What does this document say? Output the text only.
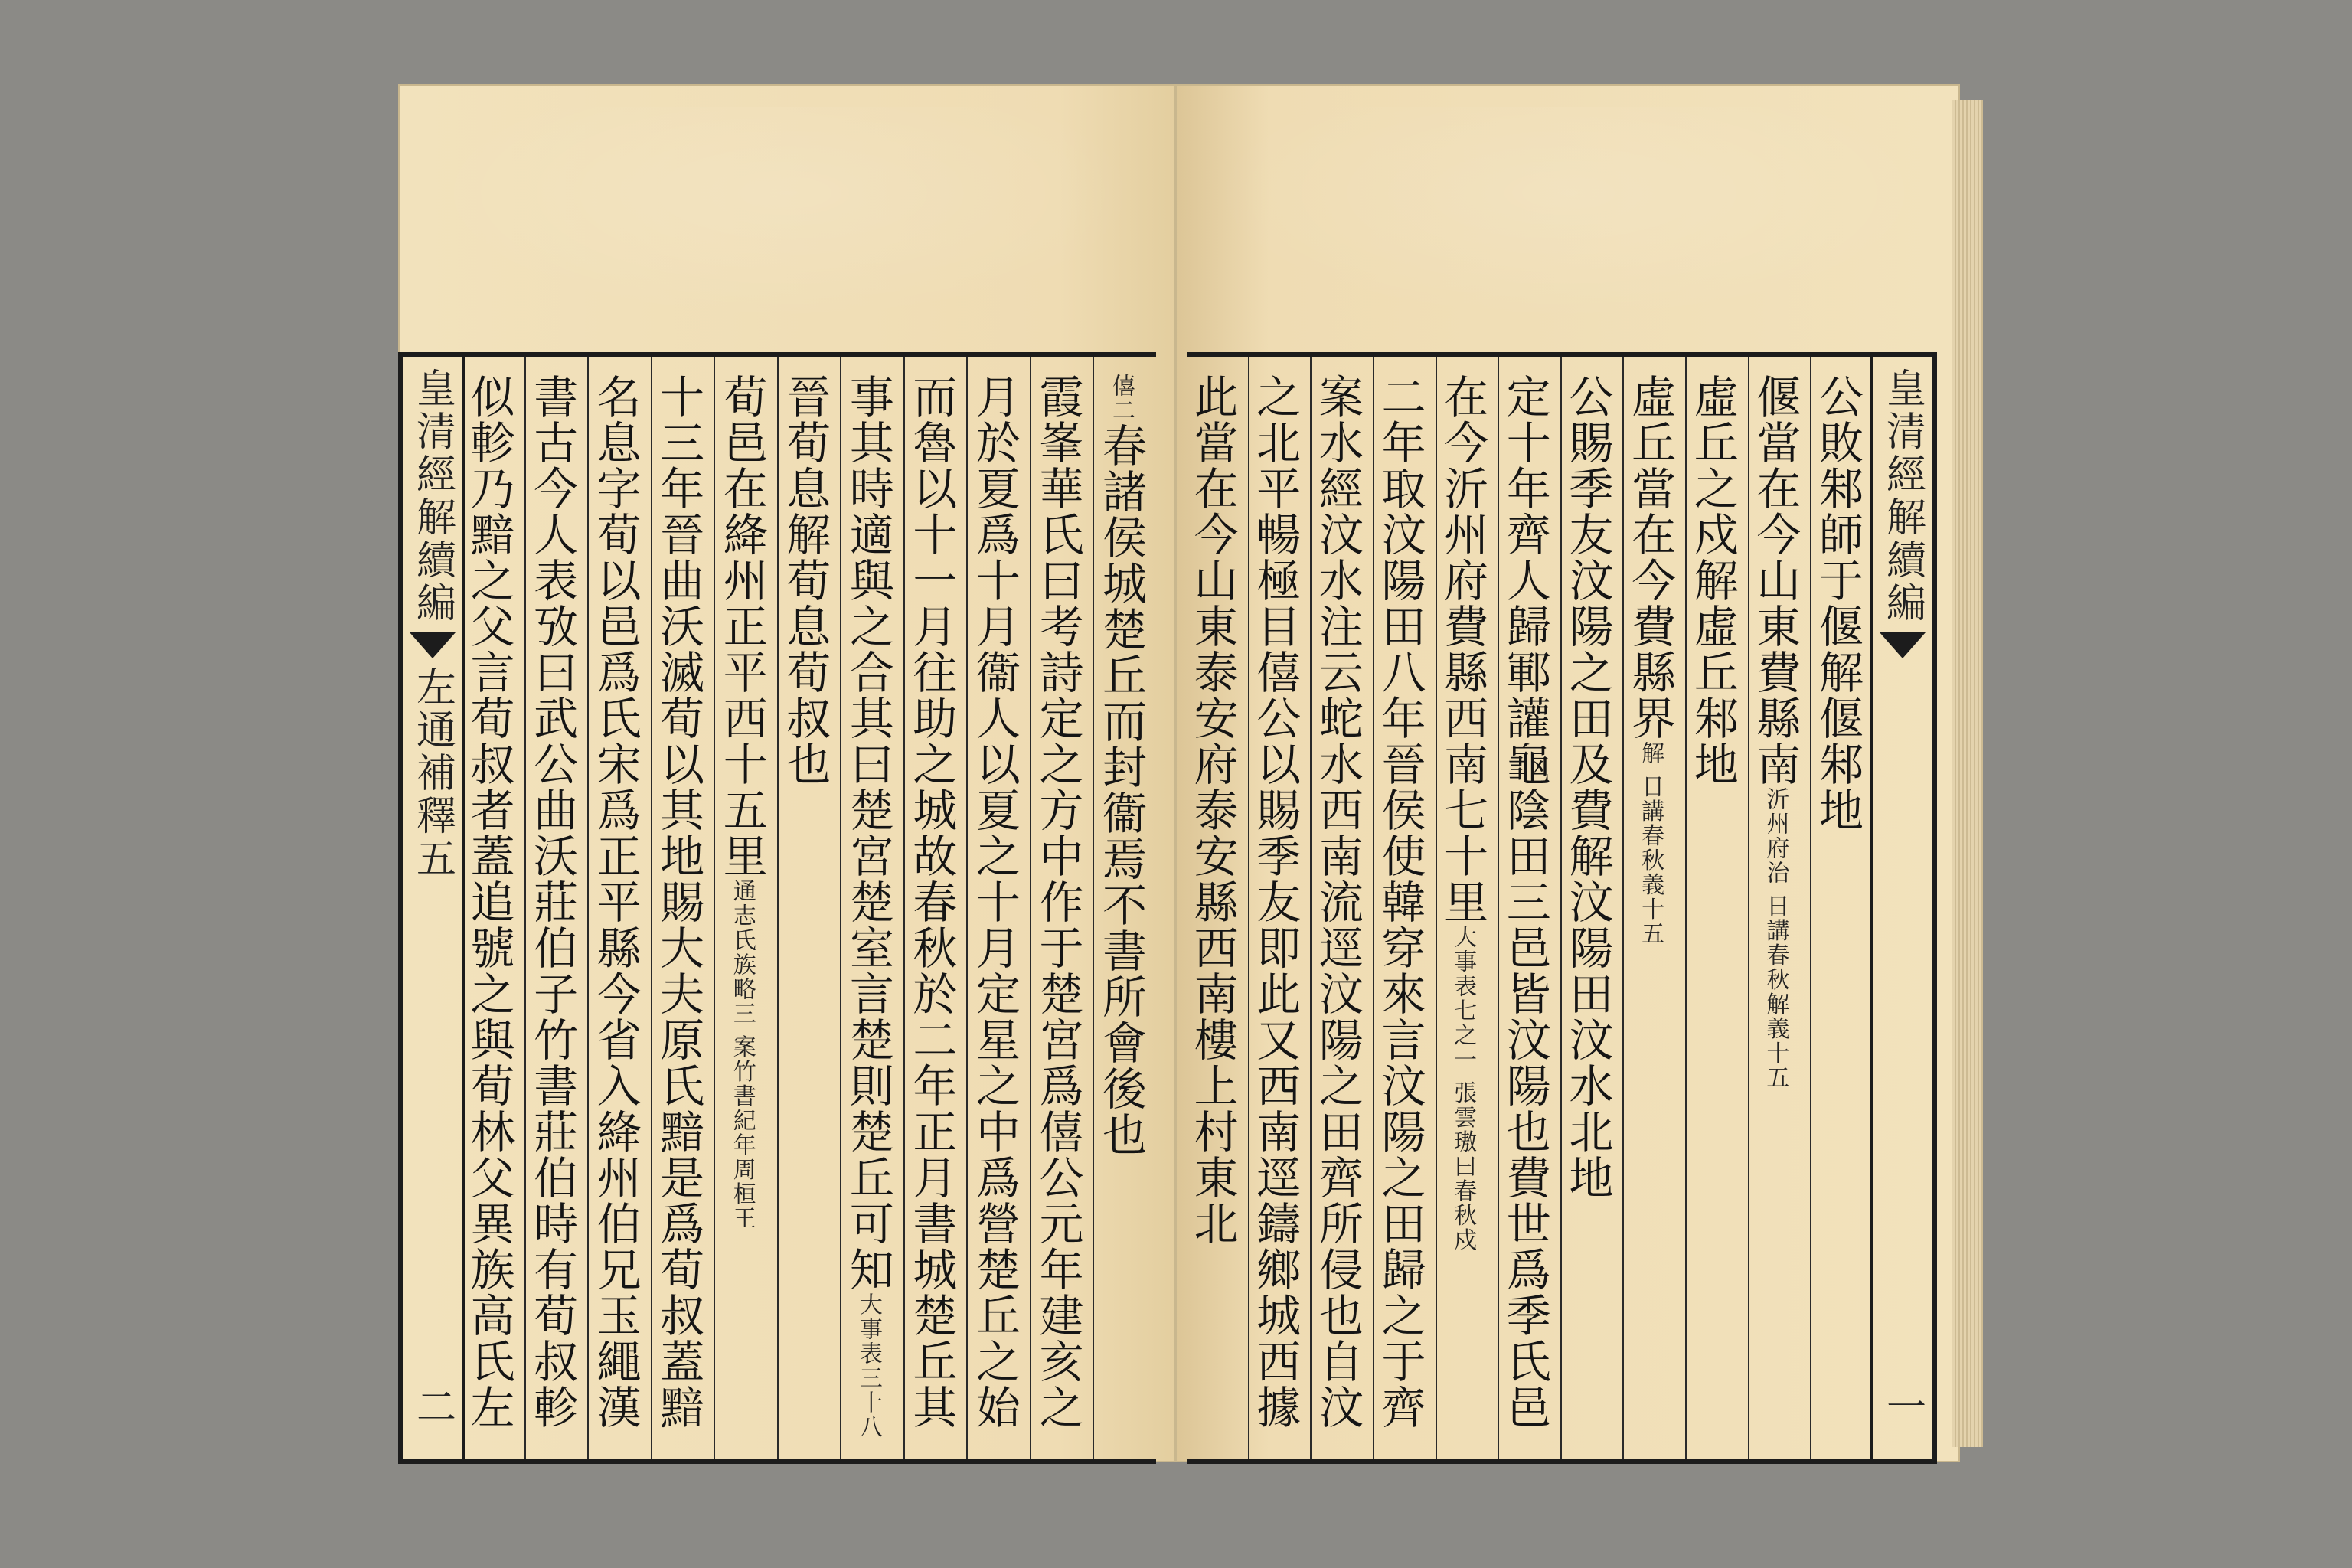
皇清經解續編
左通補釋五
二
僖二春諸侯城楚丘而封衞焉不書所會後也
霞峯華氏曰考詩定之方中作于楚宮爲僖公元年建亥之
月於夏爲十月衞人以夏之十月定星之中爲營楚丘之始
而魯以十一月往助之城故春秋於二年正月書城楚丘其
事其時適與之合其曰楚宮楚室言楚則楚丘可知大事表三十八
晉荀息解荀息荀叔也
荀邑在絳州正平西十五里通志氏族略三 案竹書紀年周桓王
十三年晉曲沃滅荀以其地賜大夫原氏黯是爲荀叔蓋黯
名息字荀以邑爲氏宋爲正平縣今省入絳州伯兄玉繩漢
書古今人表攷曰武公曲沃莊伯子竹書莊伯時有荀叔軫
似軫乃黯之父言荀叔者蓋追號之與荀林父異族高氏左	公敗邾師于偃解偃邾地
偃當在今山東費縣南沂州府治 日講春秋解義十五
虛丘之戍解虛丘邾地
虛丘當在今費縣界解 日講春秋義十五
公賜季友汶陽之田及費解汶陽田汶水北地
定十年齊人歸鄆讙龜陰田三邑皆汶陽也費世爲季氏邑
在今沂州府費縣西南七十里大事表七之一 張雲璈曰春秋戍
二年取汶陽田八年晉侯使韓穿來言汶陽之田歸之于齊
案水經汶水注云蛇水西南流逕汶陽之田齊所侵也自汶
之北平暢極目僖公以賜季友即此又西南逕鑄鄉城西據
此當在今山東泰安府泰安縣西南樓上村東北	皇清經解續編
一
